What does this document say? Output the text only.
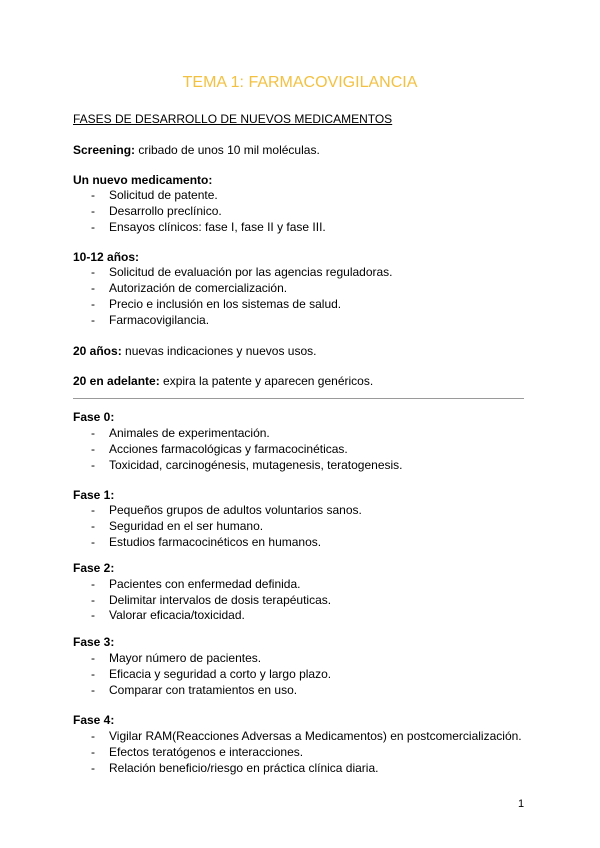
TEMA 1: FARMACOVIGILANCIA
FASES DE DESARROLLO DE NUEVOS MEDICAMENTOS
Screening: cribado de unos 10 mil moléculas.
Un nuevo medicamento:
- Solicitud de patente.
- Desarrollo preclínico.
- Ensayos clínicos: fase I, fase II y fase III.
10-12 años:
- Solicitud de evaluación por las agencias reguladoras.
- Autorización de comercialización.
- Precio e inclusión en los sistemas de salud.
- Farmacovigilancia.
20 años: nuevas indicaciones y nuevos usos.
20 en adelante: expira la patente y aparecen genéricos.
Fase 0:
- Animales de experimentación.
- Acciones farmacológicas y farmacocinéticas.
- Toxicidad, carcinogénesis, mutagenesis, teratogenesis.
Fase 1:
- Pequeños grupos de adultos voluntarios sanos.
- Seguridad en el ser humano.
- Estudios farmacocinéticos en humanos.
Fase 2:
- Pacientes con enfermedad definida.
- Delimitar intervalos de dosis terapéuticas.
- Valorar eficacia/toxicidad.
Fase 3:
- Mayor número de pacientes.
- Eficacia y seguridad a corto y largo plazo.
- Comparar con tratamientos en uso.
Fase 4:
- Vigilar RAM(Reacciones Adversas a Medicamentos) en postcomercialización.
- Efectos teratógenos e interacciones.
- Relación beneficio/riesgo en práctica clínica diaria.
1
